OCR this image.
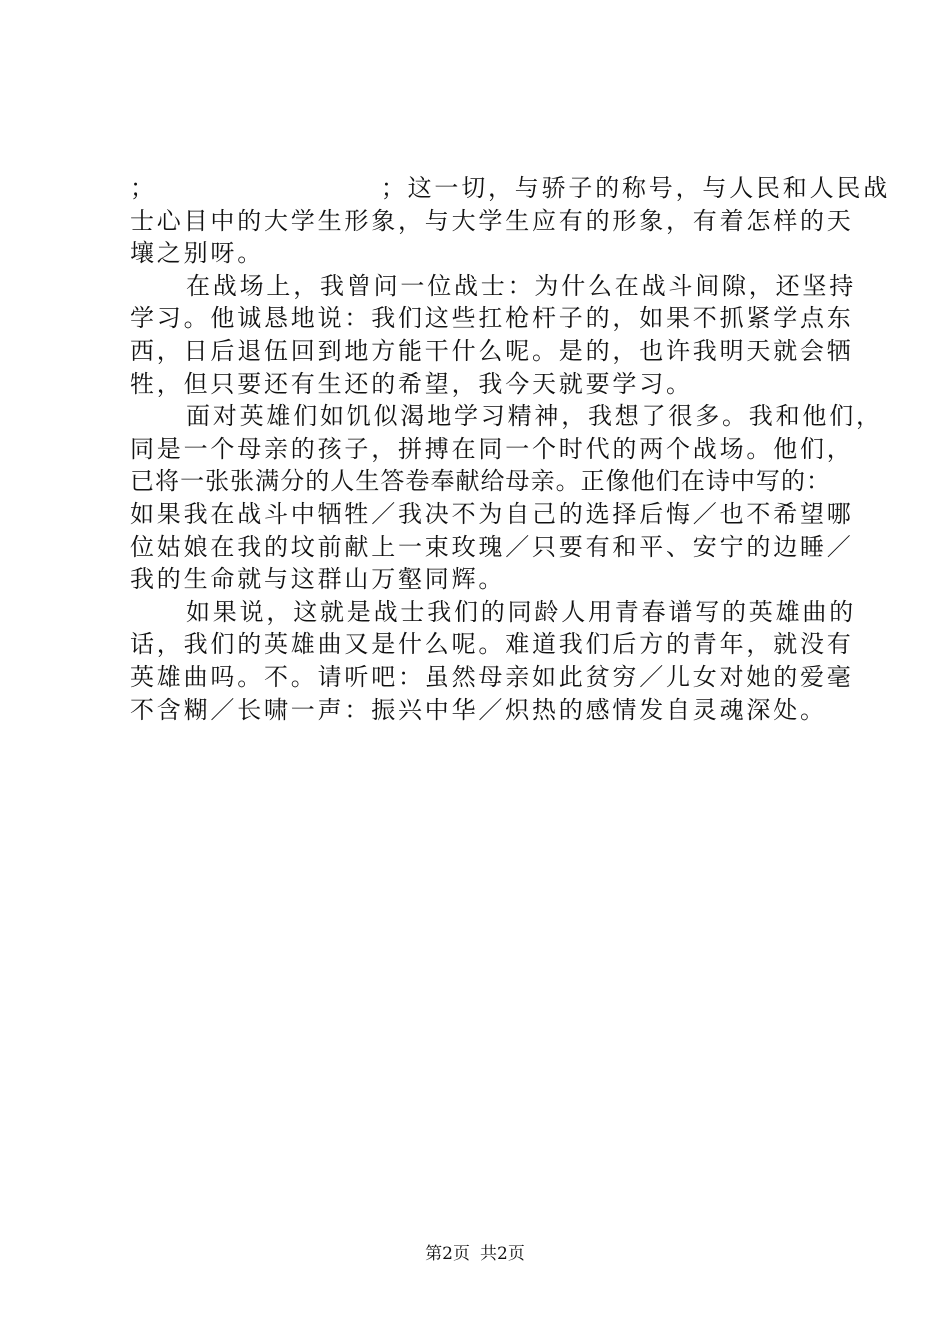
；	；这一切，与骄子的称号，与人民和人民战
士心目中的大学生形象，与大学生应有的形象，有着怎样的天
壤之别呀。
在战场上，我曾问一位战士：为什么在战斗间隙，还坚持
学习。他诚恳地说：我们这些扛枪杆子的，如果不抓紧学点东
西，日后退伍回到地方能干什么呢。是的，也许我明天就会牺
牲，但只要还有生还的希望，我今天就要学习。
面对英雄们如饥似渴地学习精神，我想了很多。我和他们，
同是一个母亲的孩子，拼搏在同一个时代的两个战场。他们，
已将一张张满分的人生答卷奉献给母亲。正像他们在诗中写的：
如果我在战斗中牺牲／我决不为自己的选择后悔／也不希望哪
位姑娘在我的坟前献上一束玫瑰／只要有和平、安宁的边睡／
我的生命就与这群山万壑同辉。
如果说，这就是战士我们的同龄人用青春谱写的英雄曲的
话，我们的英雄曲又是什么呢。难道我们后方的青年，就没有
英雄曲吗。不。请听吧：虽然母亲如此贫穷／儿女对她的爱毫
不含糊／长啸一声：振兴中华／炽热的感情发自灵魂深处。
第2页 共2页
